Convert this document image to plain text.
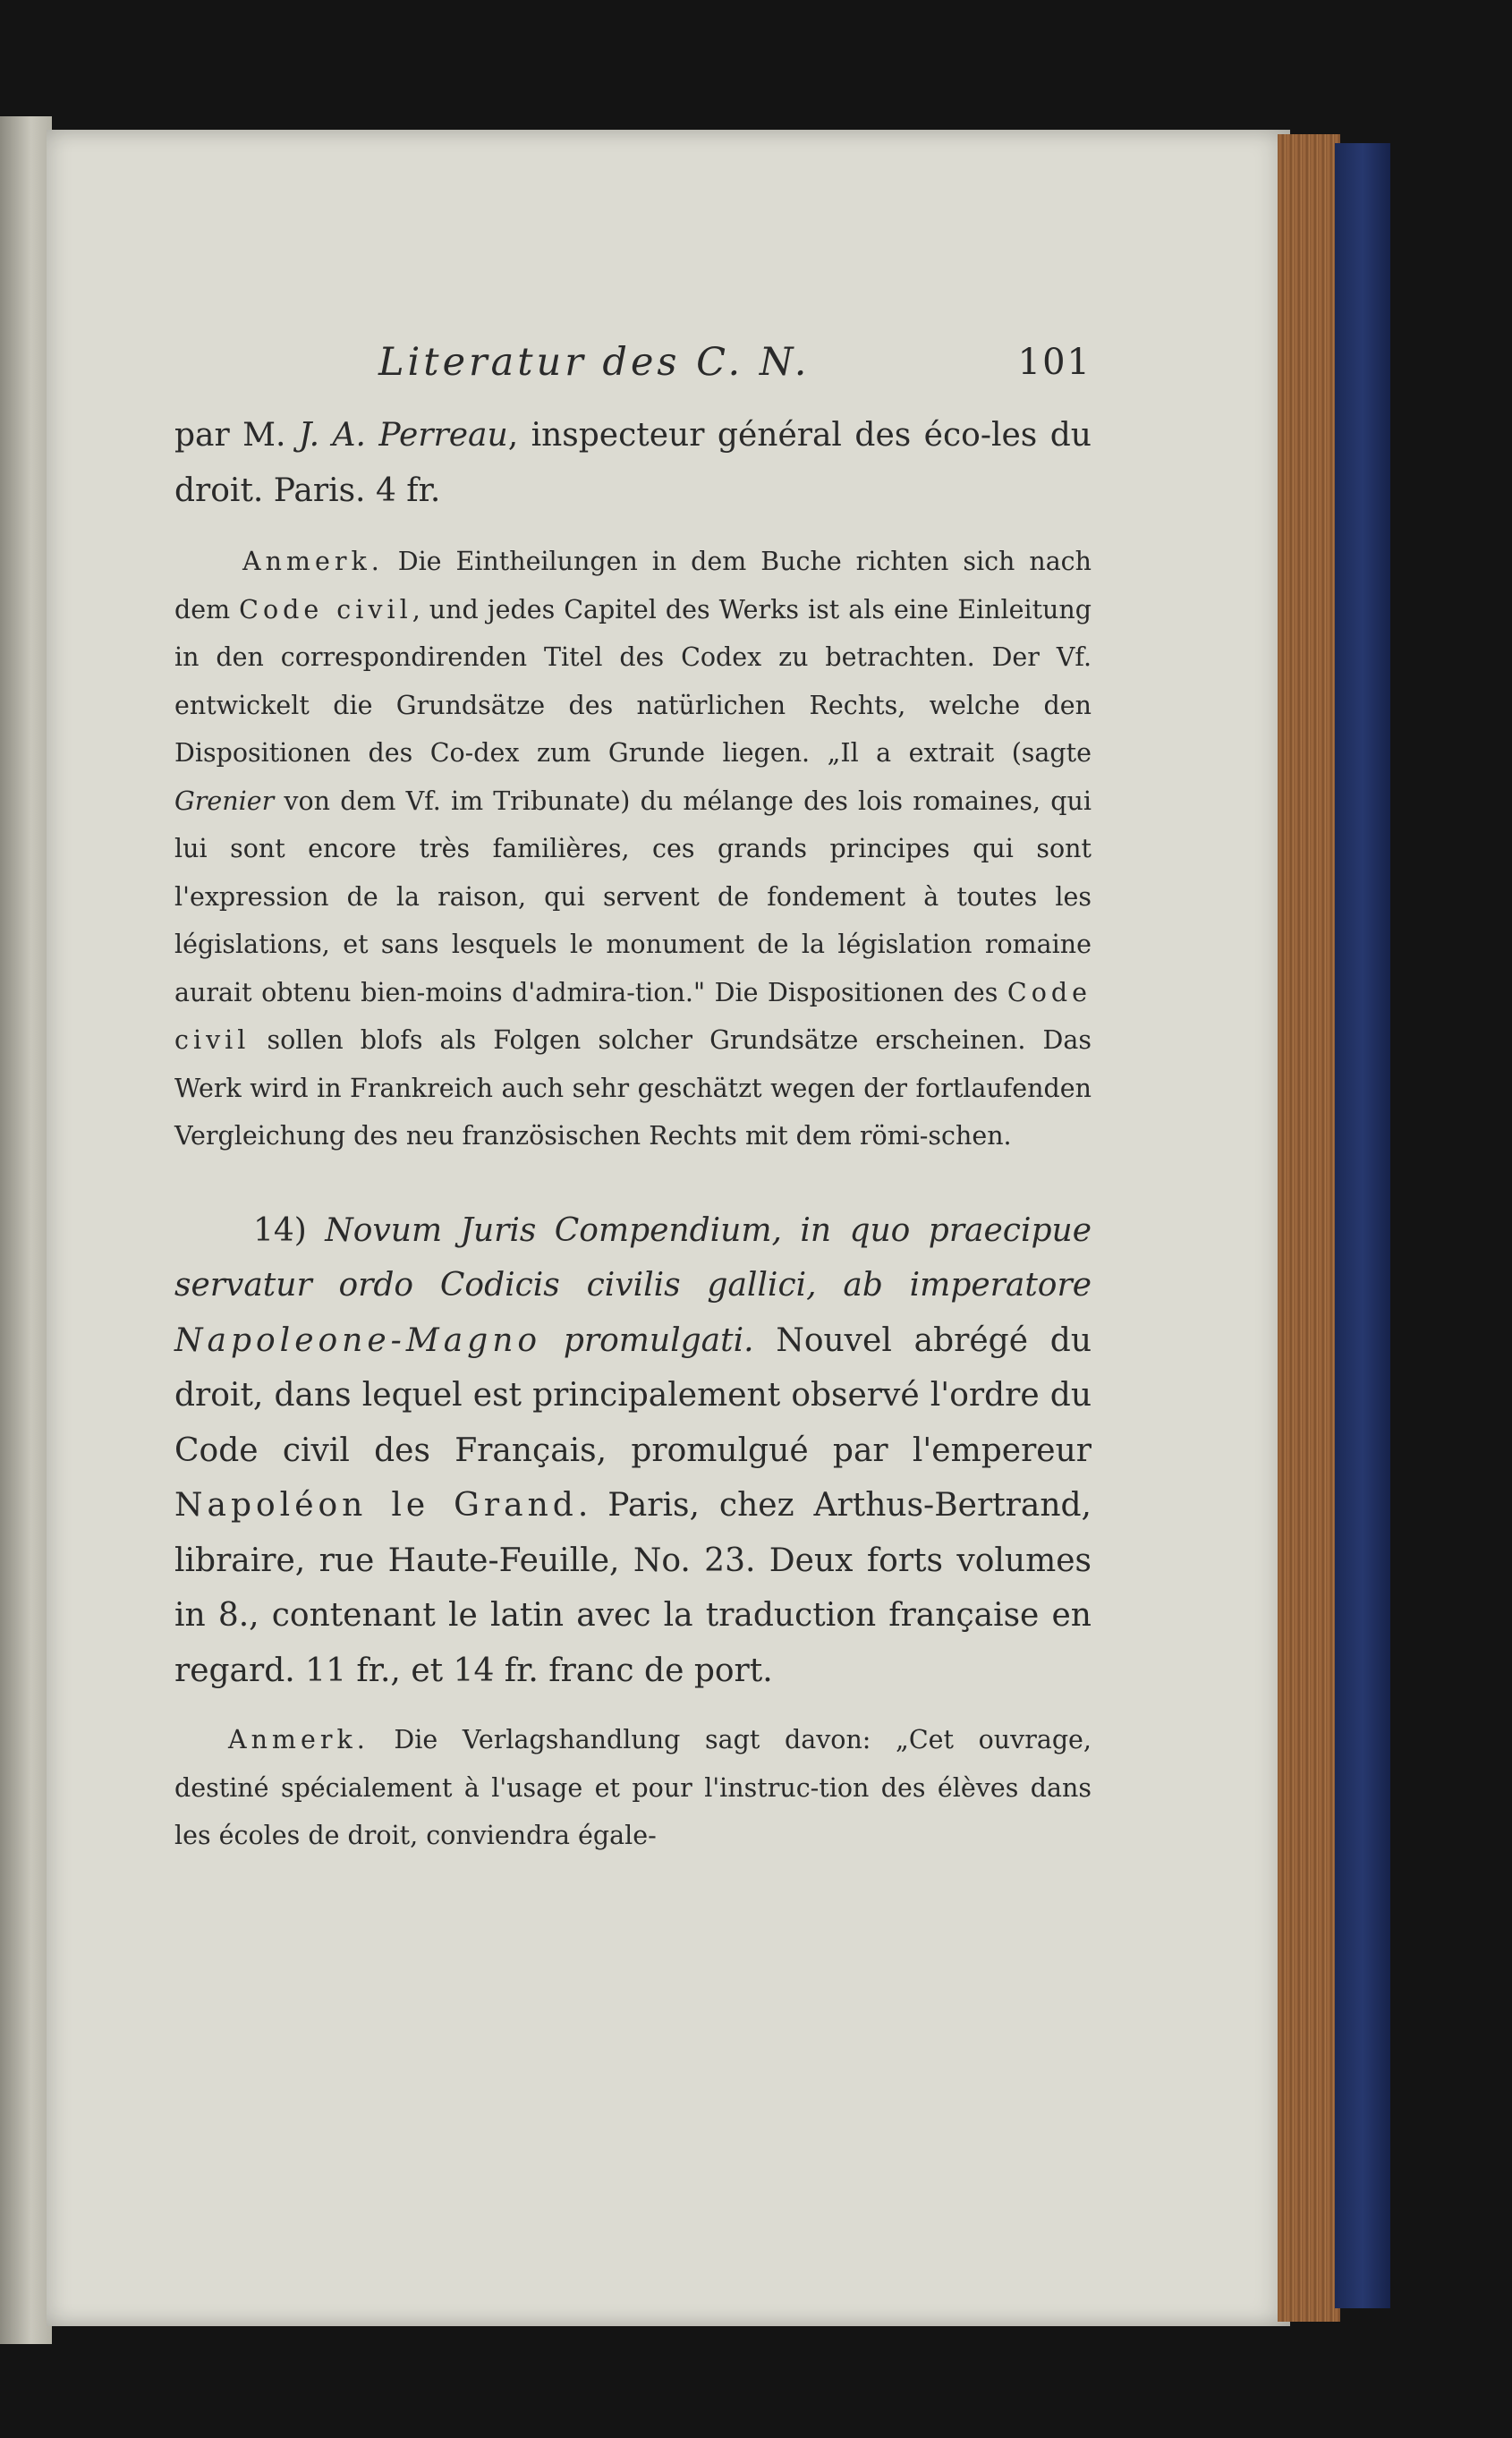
Literatur des C. N.	101

par M. J. A. Perreau, inspecteur général des éco-les du droit. Paris. 4 fr.

Anmerk. Die Eintheilungen in dem Buche richten sich nach dem Code civil, und jedes Capitel des Werks ist als eine Einleitung in den correspondirenden Titel des Codex zu betrachten. Der Vf. entwickelt die Grundsätze des natürlichen Rechts, welche den Dispositionen des Co-dex zum Grunde liegen. „Il a extrait (sagte Grenier von dem Vf. im Tribunate) du mélange des lois romaines, qui lui sont encore très familières, ces grands principes qui sont l'expression de la raison, qui servent de fondement à toutes les législations, et sans lesquels le monument de la législation romaine aurait obtenu bien-moins d'admira-tion." Die Dispositionen des Code civil sollen blofs als Folgen solcher Grundsätze erscheinen. Das Werk wird in Frankreich auch sehr geschätzt wegen der fortlaufenden Vergleichung des neu französischen Rechts mit dem römi-schen.

14) Novum Juris Compendium, in quo praecipue servatur ordo Codicis civilis gallici, ab imperatore Napoleone-Magno promulgati. Nouvel abrégé du droit, dans lequel est principalement observé l'ordre du Code civil des Français, promulgué par l'empereur Napoléon le Grand. Paris, chez Arthus-Bertrand, libraire, rue Haute-Feuille, No. 23. Deux forts volumes in 8., contenant le latin avec la traduction française en regard. 11 fr., et 14 fr. franc de port.

Anmerk. Die Verlagshandlung sagt davon: „Cet ouvrage, destiné spécialement à l'usage et pour l'instruc-tion des élèves dans les écoles de droit, conviendra égale-
